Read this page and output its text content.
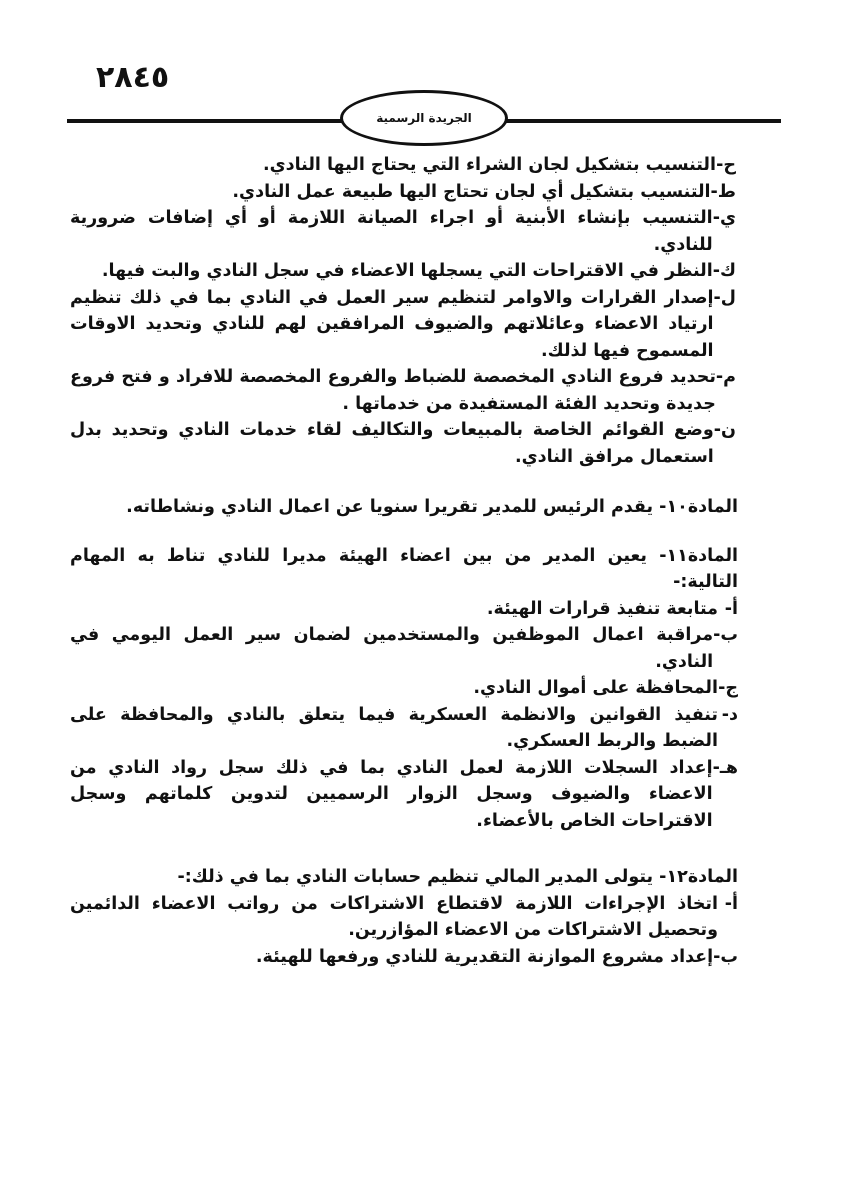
٢٨٤٥
الجريدة الرسمية
ح-
التنسيب بتشكيل لجان الشراء التي يحتاج اليها النادي.
ط-
التنسيب بتشكيل أي لجان تحتاج اليها طبيعة عمل النادي.
ي-
التنسيب بإنشاء الأبنية أو اجراء الصيانة اللازمة أو أي إضافات ضرورية للنادي.
ك-
النظر في الاقتراحات التي يسجلها الاعضاء في سجل النادي والبت فيها.
ل-
إصدار القرارات والاوامر لتنظيم سير العمل في النادي بما في ذلك تنظيم ارتياد الاعضاء وعائلاتهم والضيوف المرافقين لهم للنادي وتحديد الاوقات المسموح فيها لذلك.
م-
تحديد فروع النادي المخصصة للضباط والفروع المخصصة للافراد و فتح فروع جديدة وتحديد الفئة المستفيدة من خدماتها .
ن-
وضع القوائم الخاصة بالمبيعات والتكاليف لقاء خدمات النادي وتحديد بدل استعمال مرافق النادي.
المادة١٠- يقدم الرئيس للمدير تقريرا سنويا عن اعمال النادي ونشاطاته.
المادة١١- يعين المدير من بين اعضاء الهيئة مديرا للنادي تناط به المهام التالية:-
أ-
متابعة تنفيذ قرارات الهيئة.
ب-
مراقبة اعمال الموظفين والمستخدمين لضمان سير العمل اليومي في النادي.
ج-
المحافظة على أموال النادي.
د-
تنفيذ القوانين والانظمة العسكرية فيما يتعلق بالنادي والمحافظة على الضبط والربط العسكري.
هـ-
إعداد السجلات اللازمة لعمل النادي بما في ذلك سجل رواد النادي من الاعضاء والضيوف وسجل الزوار الرسميين لتدوين كلماتهم وسجل الاقتراحات الخاص بالأعضاء.
المادة١٢- يتولى المدير المالي تنظيم حسابات النادي بما في ذلك:-
أ-
اتخاذ الإجراءات اللازمة لاقتطاع الاشتراكات من رواتب الاعضاء الدائمين وتحصيل الاشتراكات من الاعضاء المؤازرين.
ب-
إعداد مشروع الموازنة التقديرية للنادي ورفعها للهيئة.
